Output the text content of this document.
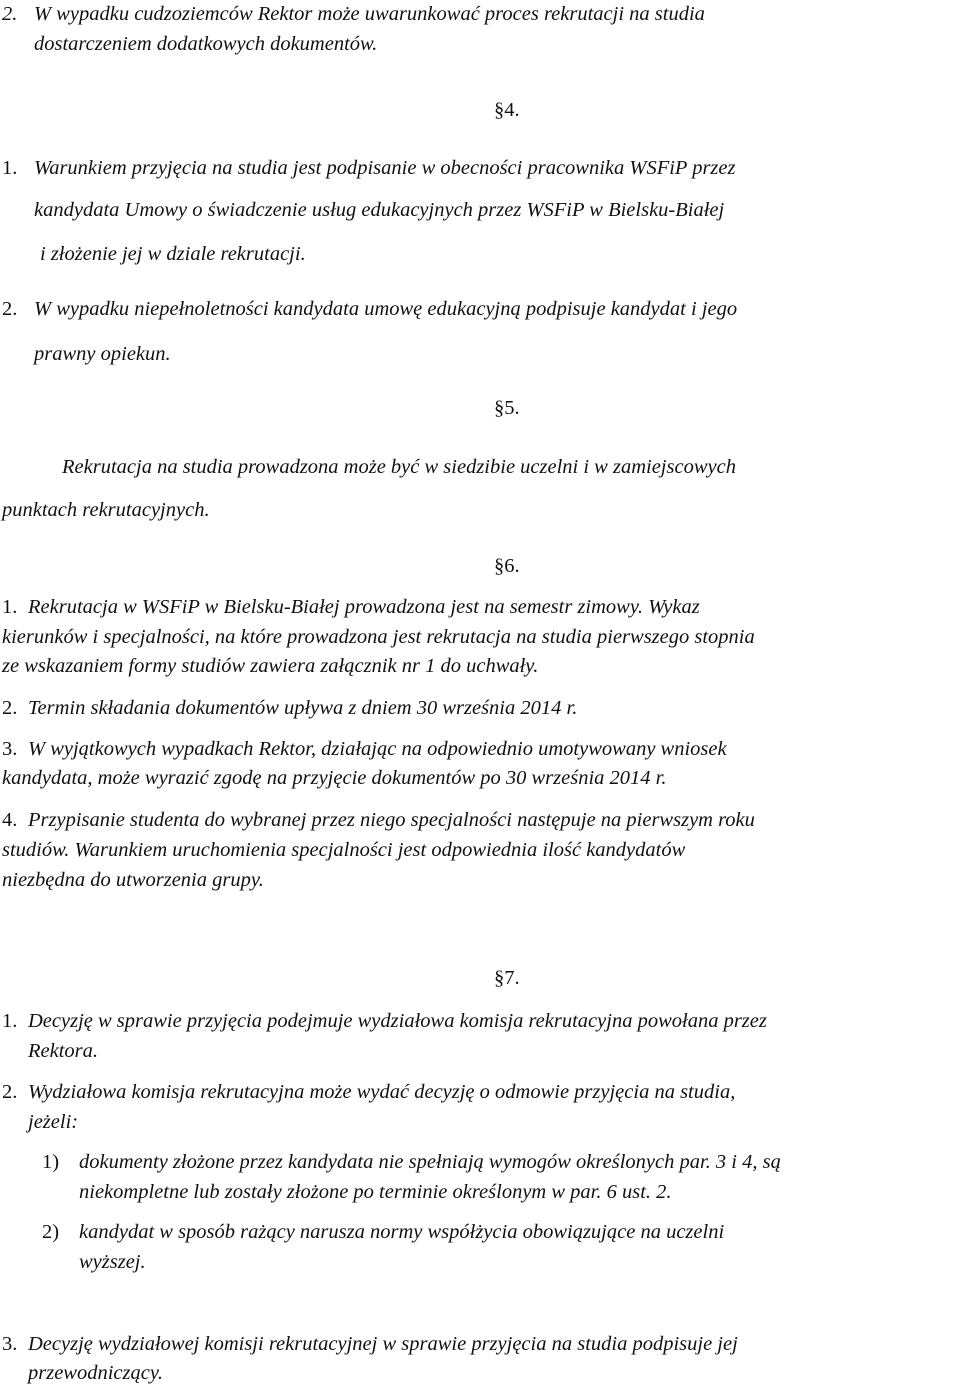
2. W wypadku cudzoziemców Rektor może uwarunkować proces rekrutacji na studia
dostarczeniem dodatkowych dokumentów.
§4.
1. Warunkiem przyjęcia na studia jest podpisanie w obecności pracownika WSFiP przez
kandydata Umowy o świadczenie usług edukacyjnych przez WSFiP w Bielsku-Białej
i złożenie jej w dziale rekrutacji.
2. W wypadku niepełnoletności kandydata umowę edukacyjną podpisuje kandydat i jego
prawny opiekun.
§5.
Rekrutacja na studia prowadzona może być w siedzibie uczelni i w zamiejscowych
punktach rekrutacyjnych.
§6.
1. Rekrutacja w WSFiP w Bielsku-Białej prowadzona jest na semestr zimowy. Wykaz
kierunków i specjalności, na które prowadzona jest rekrutacja na studia pierwszego stopnia
ze wskazaniem formy studiów zawiera załącznik nr 1 do uchwały.
2. Termin składania dokumentów upływa z dniem 30 września 2014 r.
3. W wyjątkowych wypadkach Rektor, działając na odpowiednio umotywowany wniosek
kandydata, może wyrazić zgodę na przyjęcie dokumentów po 30 września 2014 r.
4. Przypisanie studenta do wybranej przez niego specjalności następuje na pierwszym roku
studiów. Warunkiem uruchomienia specjalności jest odpowiednia ilość kandydatów
niezbędna do utworzenia grupy.
§7.
1. Decyzję w sprawie przyjęcia podejmuje wydziałowa komisja rekrutacyjna powołana przez
Rektora.
2. Wydziałowa komisja rekrutacyjna może wydać decyzję o odmowie przyjęcia na studia,
jeżeli:
1) dokumenty złożone przez kandydata nie spełniają wymogów określonych par. 3 i 4, są
niekompletne lub zostały złożone po terminie określonym w par. 6 ust. 2.
2) kandydat w sposób rażący narusza normy współżycia obowiązujące na uczelni
wyższej.
3. Decyzję wydziałowej komisji rekrutacyjnej w sprawie przyjęcia na studia podpisuje jej
przewodniczący.
